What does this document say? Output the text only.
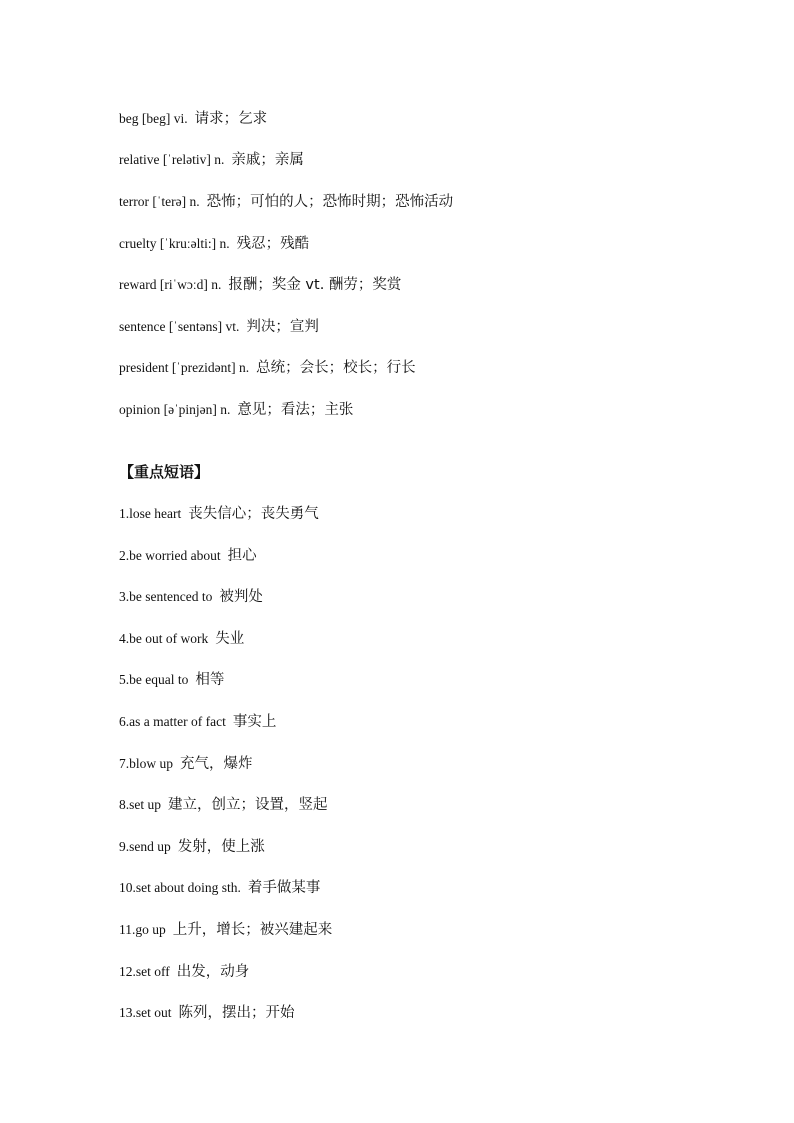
beg [beg] vi. 请求；乞求
relative [ˈrelətiv] n. 亲戚；亲属
terror [ˈterə] n. 恐怖；可怕的人；恐怖时期；恐怖活动
cruelty [ˈkruːəlti:] n. 残忍；残酷
reward [riˈwɔːd] n. 报酬；奖金 vt. 酬劳；奖赏
sentence [ˈsentəns] vt. 判决；宣判
president [ˈprezidənt] n. 总统；会长；校长；行长
opinion [əˈpinjən] n. 意见；看法；主张
【重点短语】
1.lose heart 丧失信心；丧失勇气
2.be worried about 担心
3.be sentenced to 被判处
4.be out of work 失业
5.be equal to 相等
6.as a matter of fact 事实上
7.blow up 充气，爆炸
8.set up 建立，创立；设置，竖起
9.send up 发射，使上涨
10.set about doing sth. 着手做某事
11.go up 上升，增长；被兴建起来
12.set off 出发，动身
13.set out 陈列，摆出；开始
